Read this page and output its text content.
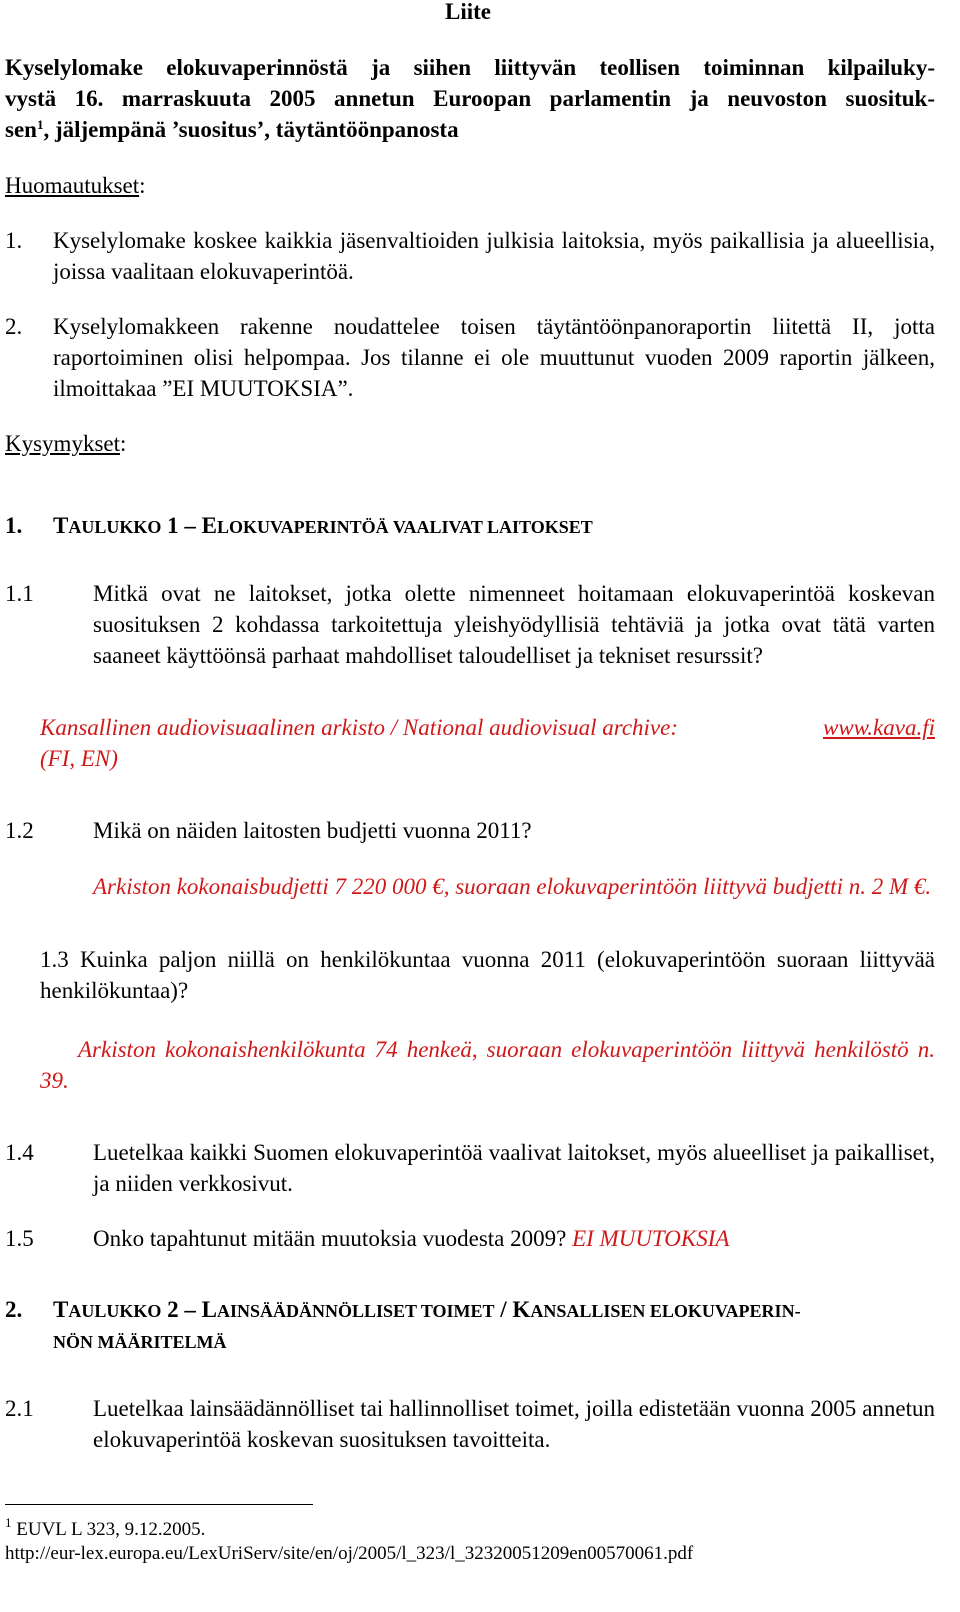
Liite
Kyselylomake elokuvaperinnöstä ja siihen liittyvän teollisen toiminnan kilpailuky-
vystä 16. marraskuuta 2005 annetun Euroopan parlamentin ja neuvoston suosituk-
sen$^1$, jäljempänä ’suositus’, täytäntöönpanosta
Huomautukset:
1. Kyselylomake koskee kaikkia jäsenvaltioiden julkisia laitoksia, myös paikallisia ja alueellisia, joissa vaalitaan elokuvaperintöä.
2. Kyselylomakkeen rakenne noudattelee toisen täytäntöönpanoraportin liitettä II, jotta raportoiminen olisi helpompaa. Jos tilanne ei ole muuttunut vuoden 2009 raportin jälkeen, ilmoittakaa ”EI MUUTOKSIA”.
Kysymykset:
1. TAULUKKO 1 – ELOKUVAPERINTÖÄ VAALIVAT LAITOKSET
1.1	Mitkä ovat ne laitokset, jotka olette nimenneet hoitamaan elokuvaperintöä koskevan suosituksen 2 kohdassa tarkoitettuja yleishyödyllisiä tehtäviä ja jotka ovat tätä varten saaneet käyttöönsä parhaat mahdolliset taloudelliset ja tekniset resurssit?
Kansallinen audiovisuaalinen arkisto / National audiovisual archive:	www.kava.fi
(FI, EN)
1.2	Mikä on näiden laitosten budjetti vuonna 2011?
Arkiston kokonaisbudjetti 7 220 000 €, suoraan elokuvaperintöön liittyvä budjetti n. 2 M €.
1.3 Kuinka paljon niillä on henkilökuntaa vuonna 2011 (elokuvaperintöön suoraan liittyvää henkilökuntaa)?
Arkiston kokonaishenkilökunta 74 henkeä, suoraan elokuvaperintöön liittyvä henkilöstö n. 39.
1.4	Luetelkaa kaikki Suomen elokuvaperintöä vaalivat laitokset, myös alueelliset ja paikalliset, ja niiden verkkosivut.
1.5	Onko tapahtunut mitään muutoksia vuodesta 2009? EI MUUTOKSIA
2. TAULUKKO 2 – LAINSÄÄDÄNNÖLLISET TOIMET / KANSALLISEN ELOKUVAPERIN-
NÖN MÄÄRITELMÄ
2.1	Luetelkaa lainsäädännölliset tai hallinnolliset toimet, joilla edistetään vuonna 2005 annetun elokuvaperintöä koskevan suosituksen tavoitteita.
$^1$ EUVL L 323, 9.12.2005.
http://eur-lex.europa.eu/LexUriServ/site/en/oj/2005/l_323/l_32320051209en00570061.pdf
